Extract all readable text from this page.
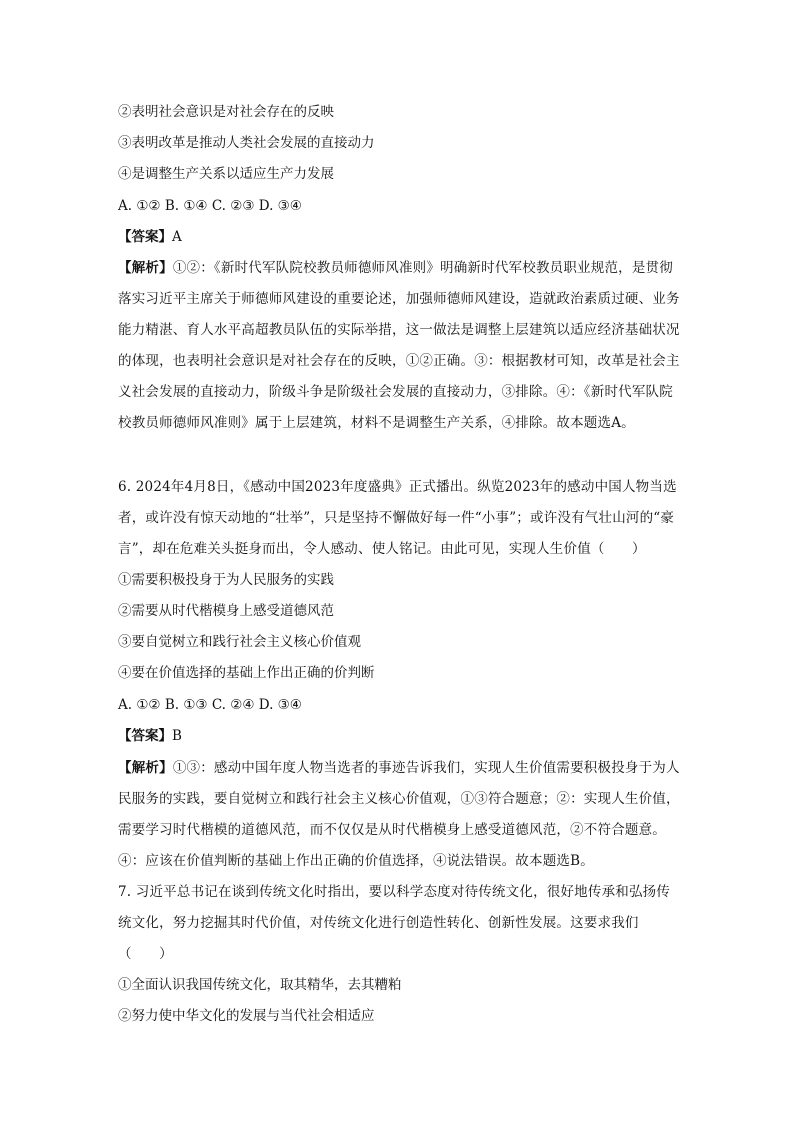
②表明社会意识是对社会存在的反映
③表明改革是推动人类社会发展的直接动力
④是调整生产关系以适应生产力发展
A. ①② B. ①④ C. ②③ D. ③④
【答案】A
【解析】①②：《新时代军队院校教员师德师风准则》明确新时代军校教员职业规范，是贯彻落实习近平主席关于师德师风建设的重要论述，加强师德师风建设，造就政治素质过硬、业务能力精湛、育人水平高超教员队伍的实际举措，这一做法是调整上层建筑以适应经济基础状况的体现，也表明社会意识是对社会存在的反映，①②正确。③：根据教材可知，改革是社会主义社会发展的直接动力，阶级斗争是阶级社会发展的直接动力，③排除。④：《新时代军队院校教员师德师风准则》属于上层建筑，材料不是调整生产关系，④排除。故本题选A。
6. 2024年4月8日，《感动中国2023年度盛典》正式播出。纵览2023年的感动中国人物当选者，或许没有惊天动地的“壮举”，只是坚持不懈做好每一件“小事”；或许没有气壮山河的“豪言”，却在危难关头挺身而出，令人感动、使人铭记。由此可见，实现人生价值（　　）
①需要积极投身于为人民服务的实践
②需要从时代楷模身上感受道德风范
③要自觉树立和践行社会主义核心价值观
④要在价值选择的基础上作出正确的价判断
A. ①② B. ①③ C. ②④ D. ③④
【答案】B
【解析】①③：感动中国年度人物当选者的事迹告诉我们，实现人生价值需要积极投身于为人民服务的实践，要自觉树立和践行社会主义核心价值观，①③符合题意；②：实现人生价值，需要学习时代楷模的道德风范，而不仅仅是从时代楷模身上感受道德风范，②不符合题意。④：应该在价值判断的基础上作出正确的价值选择，④说法错误。故本题选B。
7. 习近平总书记在谈到传统文化时指出，要以科学态度对待传统文化，很好地传承和弘扬传统文化，努力挖掘其时代价值，对传统文化进行创造性转化、创新性发展。这要求我们（　　）
①全面认识我国传统文化，取其精华，去其糟粕
②努力使中华文化的发展与当代社会相适应
